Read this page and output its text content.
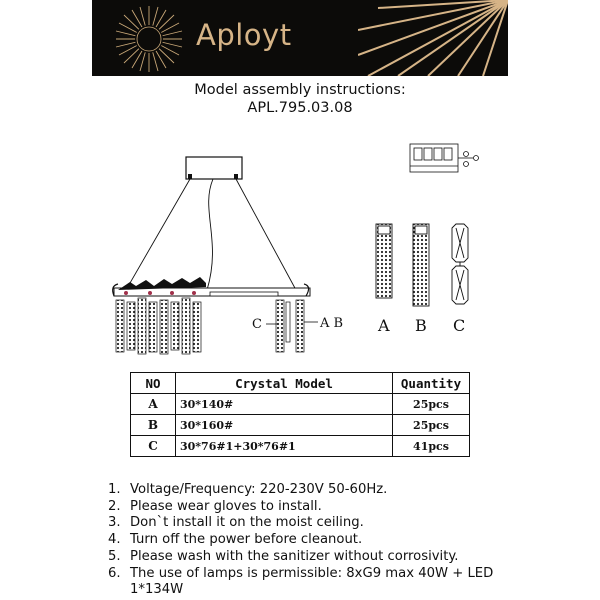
Aployt
Model assembly instructions:
APL.795.03.08
C	A B A B C
NO	Crystal Model	Quantity
A	30*140#	25pcs
B	30*160#	25pcs
C	30*76#1+30*76#1	41pcs
1. Voltage/Frequency: 220-230V 50-60Hz.
2. Please wear gloves to install.
3. Don`t install it on the moist ceiling.
4. Turn off the power before cleanout.
5. Please wash with the sanitizer without corrosivity.
6. The use of lamps is permissible: 8xG9 max 40W + LED 1*134W
